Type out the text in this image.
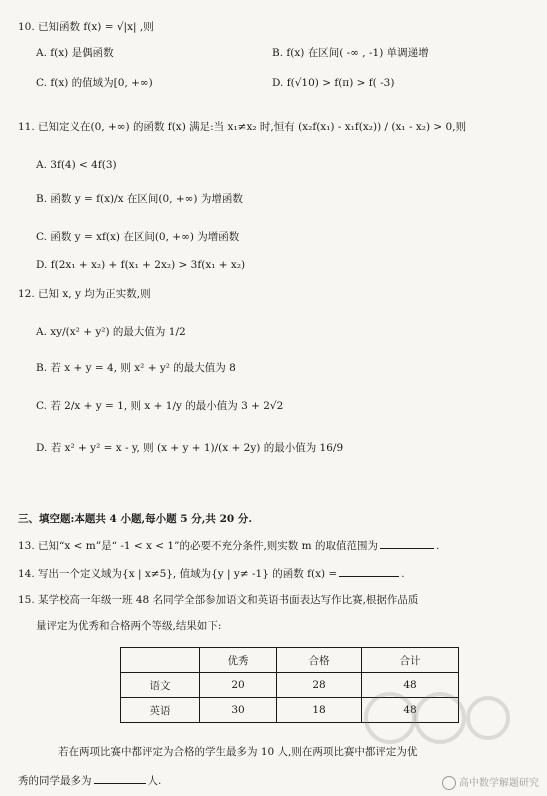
10. 已知函数 f(x) = √|x| ,则
A. f(x) 是偶函数	B. f(x) 在区间( -∞ , -1) 单调递增
C. f(x) 的值域为[0, +∞)	D. f(√10) > f(π) > f( -3)
11. 已知定义在(0, +∞) 的函数 f(x) 满足:当 x₁≠x₂ 时,恒有 (x₂f(x₁) - x₁f(x₂)) / (x₁ - x₂) > 0,则
A. 3f(4) < 4f(3)
B. 函数 y = f(x)/x 在区间(0, +∞) 为增函数
C. 函数 y = xf(x) 在区间(0, +∞) 为增函数
D. f(2x₁ + x₂) + f(x₁ + 2x₂) > 3f(x₁ + x₂)
12. 已知 x, y 均为正实数,则
A. xy/(x² + y²) 的最大值为 1/2
B. 若 x + y = 4, 则 x² + y² 的最大值为 8
C. 若 2/x + y = 1, 则 x + 1/y 的最小值为 3 + 2√2
D. 若 x² + y² = x - y, 则 (x + y + 1)/(x + 2y) 的最小值为 16/9
三、填空题:本题共 4 小题,每小题 5 分,共 20 分.
13. 已知“x < m”是“ -1 < x < 1”的必要不充分条件,则实数 m 的取值范围为	.
14. 写出一个定义域为{x | x≠5}, 值域为{y | y≠ -1} 的函数 f(x) =	.
15. 某学校高一年级一班 48 名同学全部参加语文和英语书面表达写作比赛,根据作品质
量评定为优秀和合格两个等级,结果如下:
	优秀	合格	合计
语文	20	28	48
英语	30	18	48
若在两项比赛中都评定为合格的学生最多为 10 人,则在两项比赛中都评定为优
秀的同学最多为	人.	高中数学解题研究
